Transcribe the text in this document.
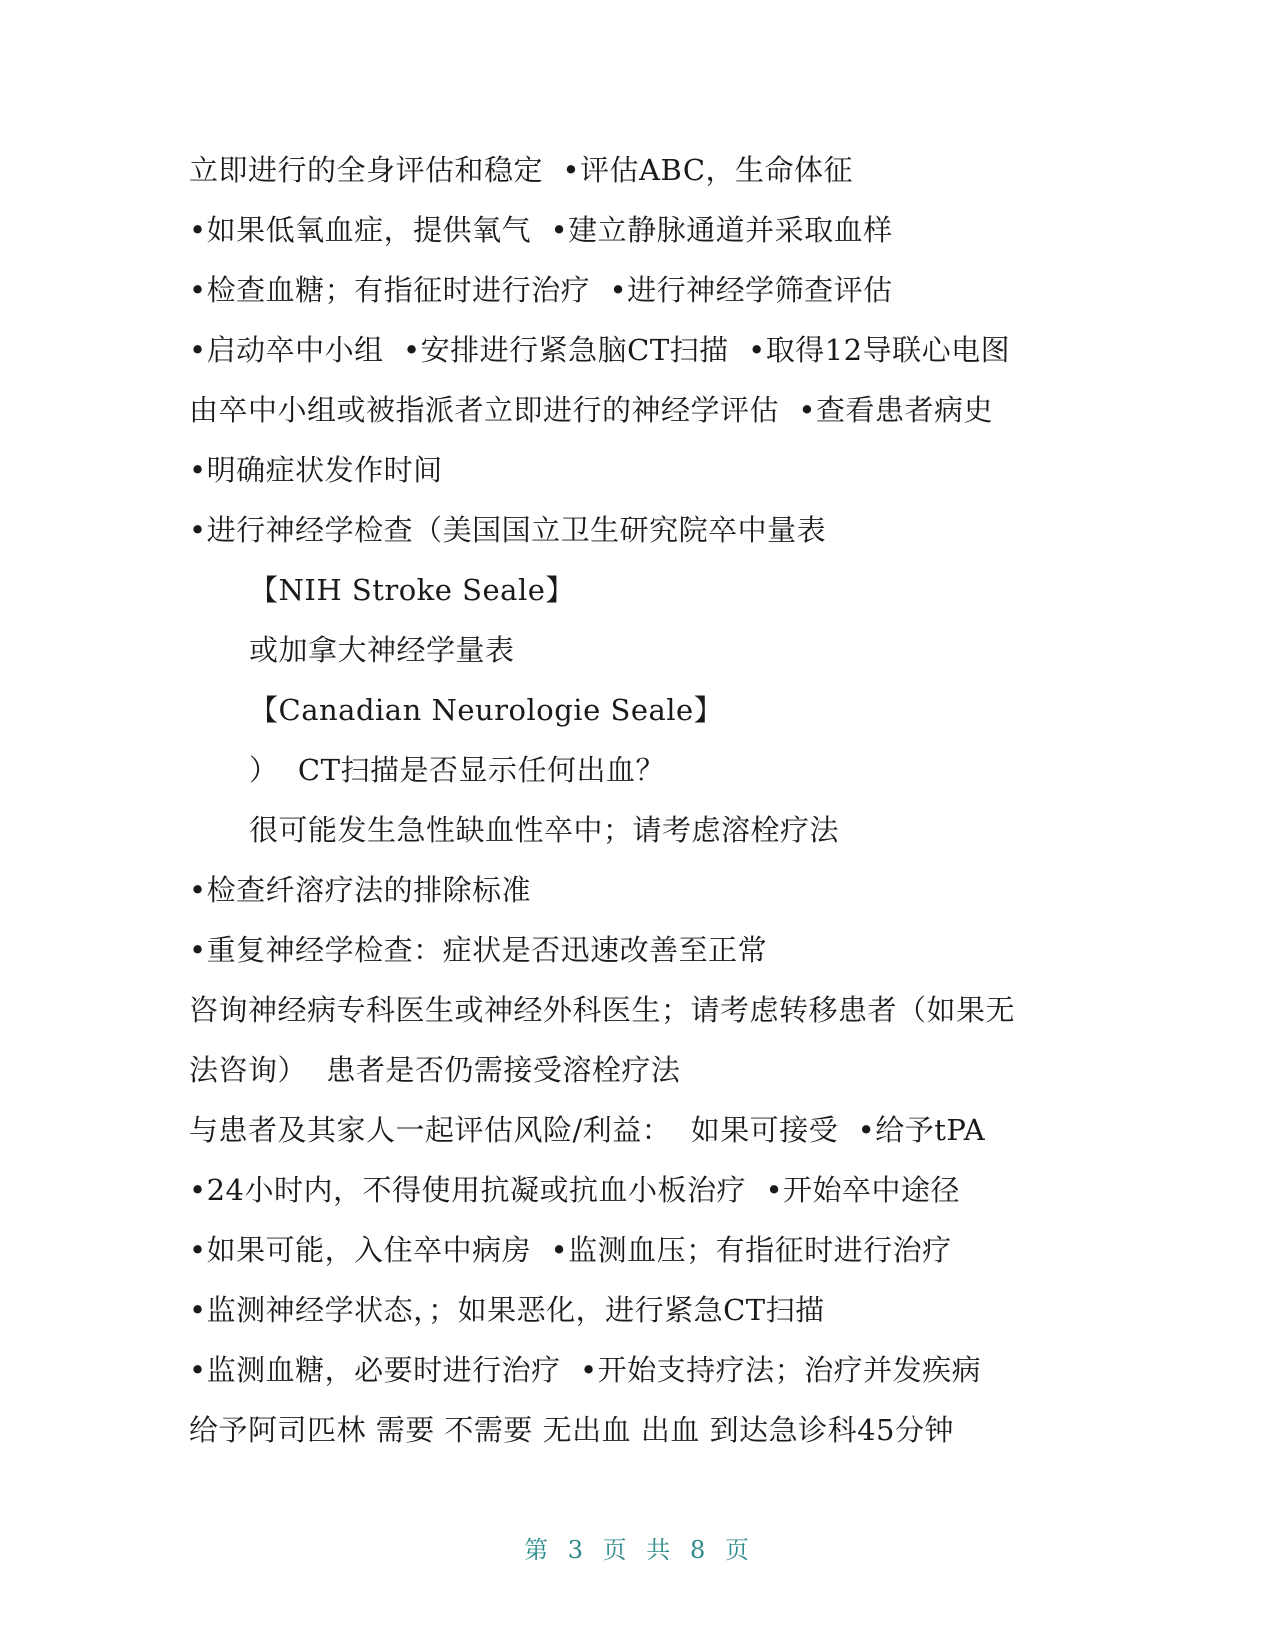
立即进行的全身评估和稳定  •评估ABC，生命体征
•如果低氧血症，提供氧气  •建立静脉通道并采取血样
•检查血糖；有指征时进行治疗  •进行神经学筛查评估
•启动卒中小组  •安排进行紧急脑CT扫描  •取得12导联心电图
由卒中小组或被指派者立即进行的神经学评估  •查看患者病史
•明确症状发作时间
•进行神经学检查（美国国立卫生研究院卒中量表
【NIH Stroke Seale】
或加拿大神经学量表
【Canadian Neurologie Seale】
）  CT扫描是否显示任何出血？
很可能发生急性缺血性卒中；请考虑溶栓疗法
•检查纤溶疗法的排除标准
•重复神经学检查：症状是否迅速改善至正常
咨询神经病专科医生或神经外科医生；请考虑转移患者（如果无
法咨询）  患者是否仍需接受溶栓疗法
与患者及其家人一起评估风险/利益：  如果可接受  •给予tPA
•24小时内，不得使用抗凝或抗血小板治疗  •开始卒中途径
•如果可能，入住卒中病房  •监测血压；有指征时进行治疗
•监测神经学状态，；如果恶化，进行紧急CT扫描
•监测血糖，必要时进行治疗  •开始支持疗法；治疗并发疾病
给予阿司匹林 需要 不需要 无出血 出血 到达急诊科45分钟
第 3 页 共 8 页
